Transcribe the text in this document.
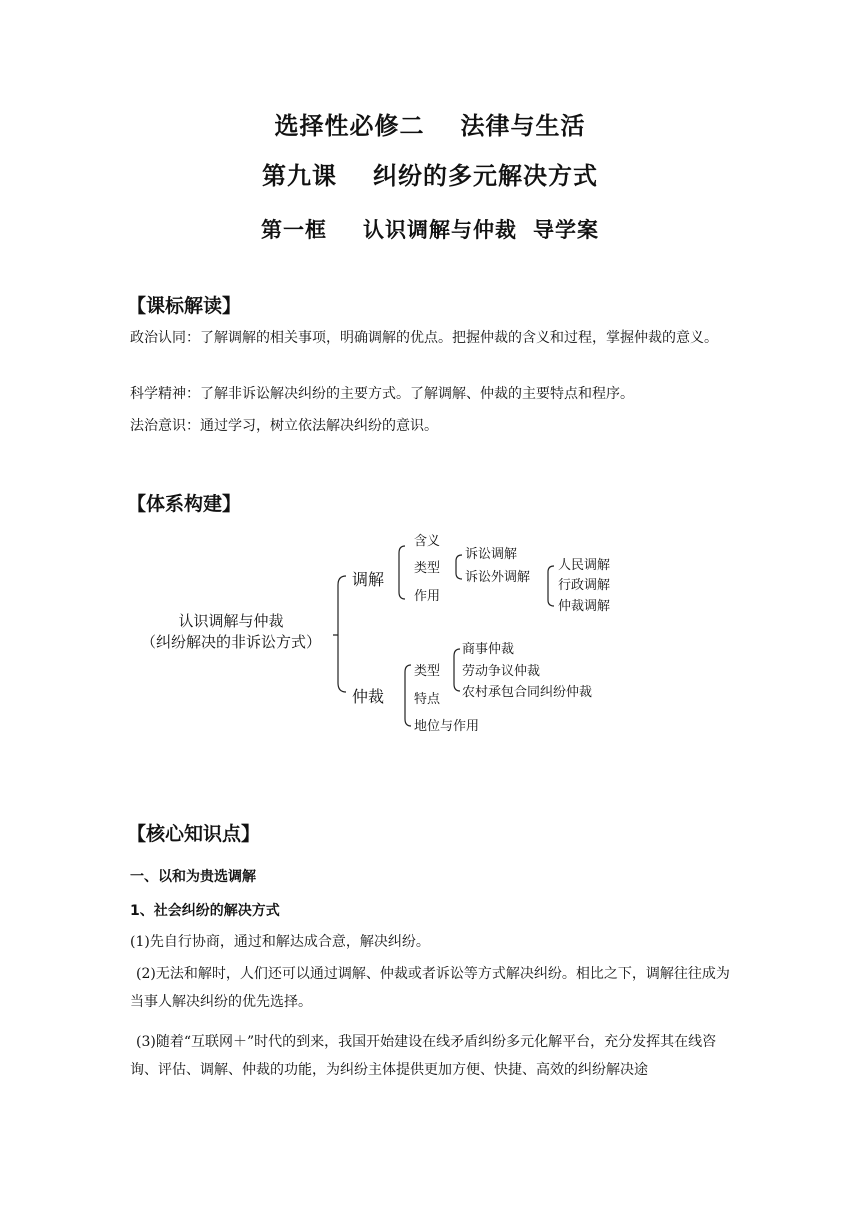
选择性必修二 法律与生活
第九课 纠纷的多元解决方式
第一框 认识调解与仲裁 导学案
【课标解读】
政治认同：了解调解的相关事项，明确调解的优点。把握仲裁的含义和过程，掌握仲裁的意义。
科学精神：了解非诉讼解决纠纷的主要方式。了解调解、仲裁的主要特点和程序。
法治意识：通过学习，树立依法解决纠纷的意识。
【体系构建】
认识调解与仲裁
（纠纷解决的非诉讼方式）
调解
仲裁
含义
类型
作用
诉讼调解
诉讼外调解
人民调解
行政调解
仲裁调解
类型
特点
地位与作用
商事仲裁
劳动争议仲裁
农村承包合同纠纷仲裁
【核心知识点】
一、以和为贵选调解
1、社会纠纷的解决方式
(1)先自行协商，通过和解达成合意，解决纠纷。
(2)无法和解时，人们还可以通过调解、仲裁或者诉讼等方式解决纠纷。相比之下，调解往往成为当事人解决纠纷的优先选择。
(3)随着“互联网＋”时代的到来，我国开始建设在线矛盾纠纷多元化解平台，充分发挥其在线咨询、评估、调解、仲裁的功能，为纠纷主体提供更加方便、快捷、高效的纠纷解决途
